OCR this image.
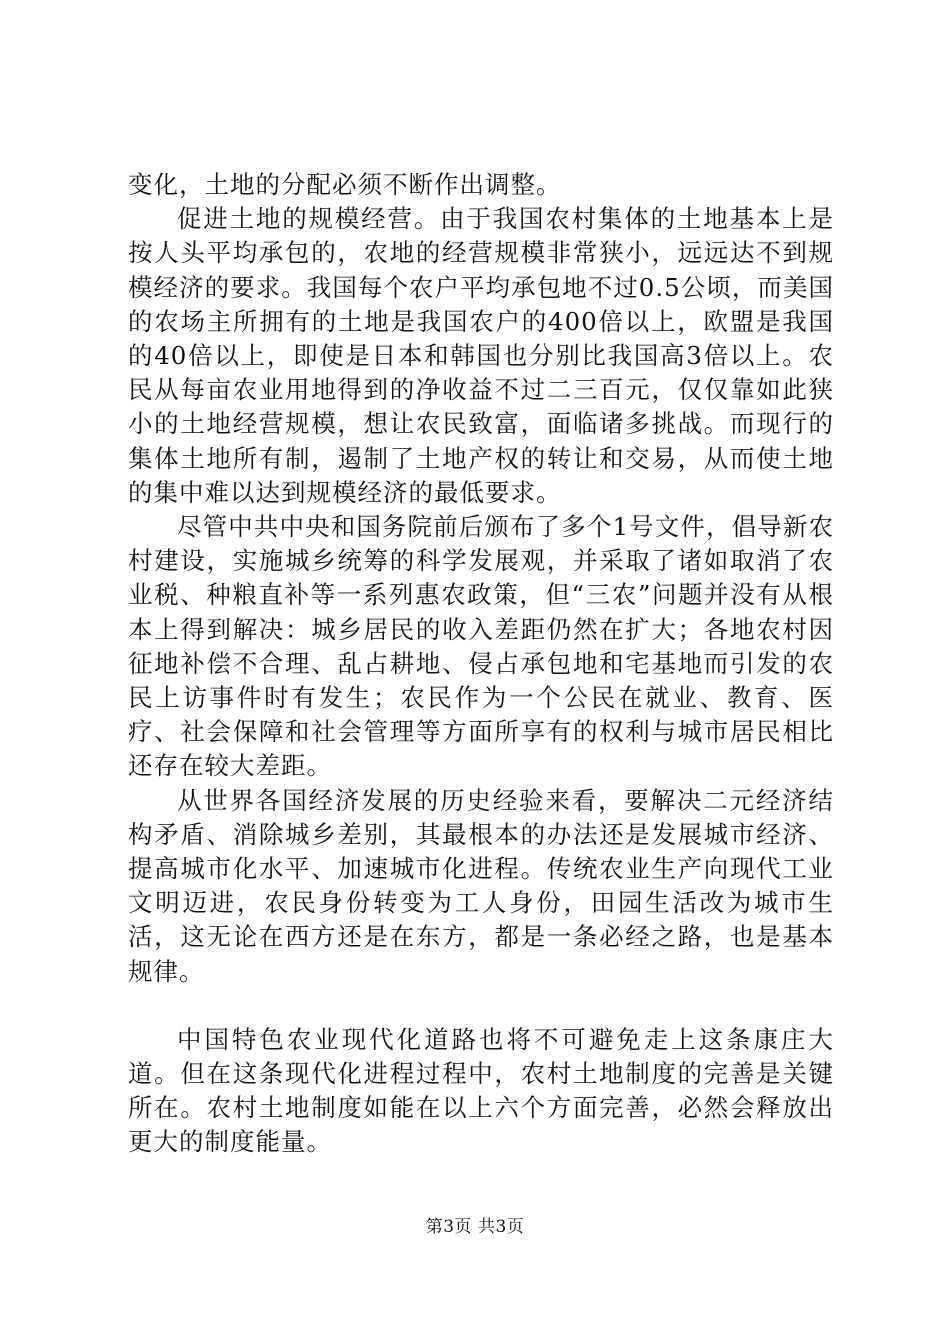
变化，土地的分配必须不断作出调整。

促进土地的规模经营。由于我国农村集体的土地基本上是按人头平均承包的，农地的经营规模非常狭小，远远达不到规模经济的要求。我国每个农户平均承包地不过0.5公顷，而美国的农场主所拥有的土地是我国农户的400倍以上，欧盟是我国的40倍以上，即使是日本和韩国也分别比我国高3倍以上。农民从每亩农业用地得到的净收益不过二三百元，仅仅靠如此狭小的土地经营规模，想让农民致富，面临诸多挑战。而现行的集体土地所有制，遏制了土地产权的转让和交易，从而使土地的集中难以达到规模经济的最低要求。

尽管中共中央和国务院前后颁布了多个1号文件，倡导新农村建设，实施城乡统筹的科学发展观，并采取了诸如取消了农业税、种粮直补等一系列惠农政策，但“三农”问题并没有从根本上得到解决：城乡居民的收入差距仍然在扩大；各地农村因征地补偿不合理、乱占耕地、侵占承包地和宅基地而引发的农民上访事件时有发生；农民作为一个公民在就业、教育、医疗、社会保障和社会管理等方面所享有的权利与城市居民相比还存在较大差距。

从世界各国经济发展的历史经验来看，要解决二元经济结构矛盾、消除城乡差别，其最根本的办法还是发展城市经济、提高城市化水平、加速城市化进程。传统农业生产向现代工业文明迈进，农民身份转变为工人身份，田园生活改为城市生活，这无论在西方还是在东方，都是一条必经之路，也是基本规律。

中国特色农业现代化道路也将不可避免走上这条康庄大道。但在这条现代化进程过程中，农村土地制度的完善是关键所在。农村土地制度如能在以上六个方面完善，必然会释放出更大的制度能量。

第3页 共3页
